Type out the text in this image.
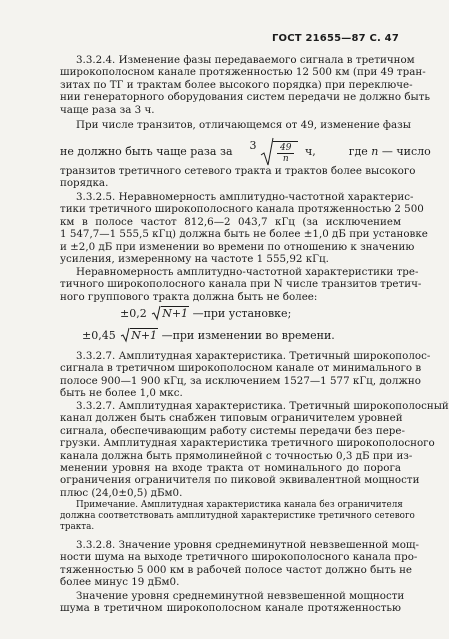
ГОСТ 21655—87 С. 47
3.3.2.4. Изменение фазы передаваемого сигнала в третичном
широкополосном канале протяженностью 12 500 км (при 49 тран-
зитах по ТГ и трактам более высокого порядка) при переключе-
нии генераторного оборудования систем передачи не должно быть
чаще раза за 3 ч.
При числе транзитов, отличающемся от 49, изменение фазы
не должно быть чаще раза за $3 \frac{49}{n} ч$,	где n — число
транзитов третичного сетевого тракта и трактов более высокого
порядка.
3.3.2.5. Неравномерность амплитудно-частотной характерис-
тики третичного широкополосного канала протяженностью 2 500
км в полосе частот 812,6—2 043,7 кГц (за исключением
1 547,7—1 555,5 кГц) должна быть не более ±1,0 дБ при установке
и ±2,0 дБ при изменении во времени по отношению к значению
усиления, измеренному на частоте 1 555,92 кГц.
Неравномерность амплитудно-частотной характеристики тре-
тичного широкополосного канала при N числе транзитов третич-
ного группового тракта должна быть не более:
±0,2 N+1 —при установке;
±0,45 N+1 —при изменении во времени.
3.3.2.7. Амплитудная характеристика. Третичный широкополос-
сигнала в третичном широкополосном канале от минимального в
полосе 900—1 900 кГц, за исключением 1527—1 577 кГц, должно
быть не более 1,0 мкс.
3.3.2.7. Амплитудная характеристика. Третичный широкополосный
канал должен быть снабжен типовым ограничителем уровней
сигнала, обеспечивающим работу системы передачи без пере-
грузки. Амплитудная характеристика третичного широкополосного
канала должна быть прямолинейной с точностью 0,3 дБ при из-
менении уровня на входе тракта от номинального до порога
ограничения ограничителя по пиковой эквивалентной мощности
плюс (24,0±0,5) дБм0.
Примечание. Амплитудная характеристика канала без ограничителя
должна соответствовать амплитудной характеристике третичного сетевого
тракта.
3.3.2.8. Значение уровня среднеминутной невзвешенной мощ-
ности шума на выходе третичного широкополосного канала про-
тяженностью 5 000 км в рабочей полосе частот должно быть не
более минус 19 дБм0.
Значение уровня среднеминутной невзвешенной мощности
шума в третичном широкополосном канале протяженностью
